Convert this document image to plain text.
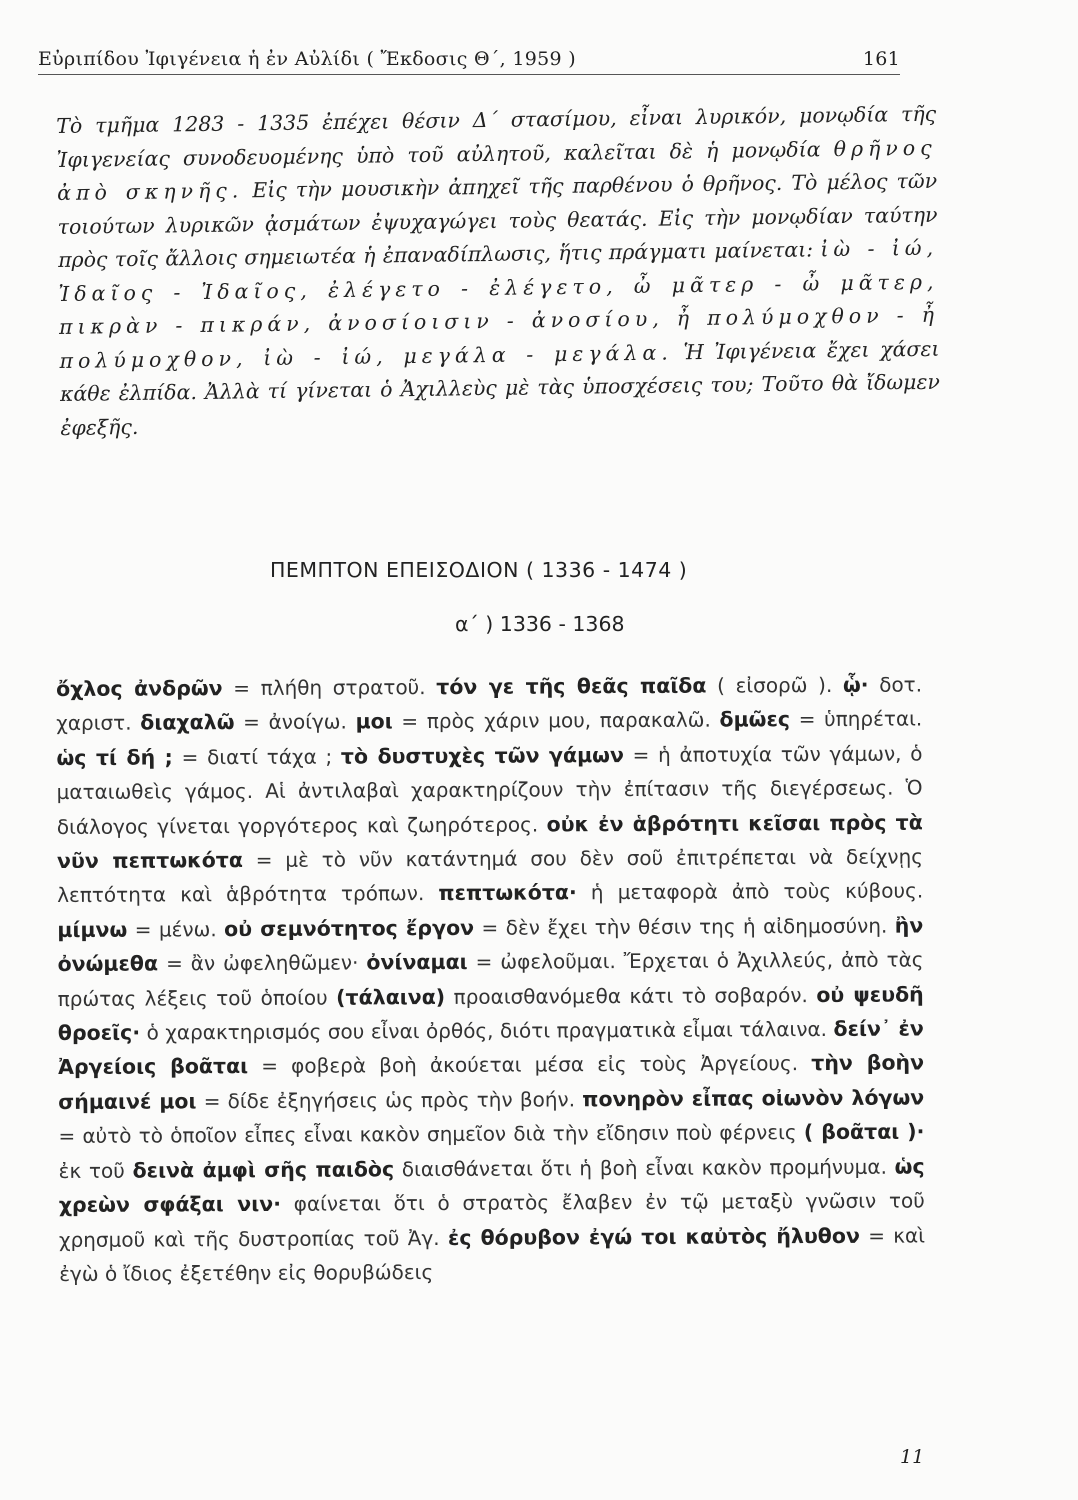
Εὐριπίδου Ἰφιγένεια ἡ ἐν Αὐλίδι ( Ἔκδοσις Θ΄, 1959 )	161

Τὸ τμῆμα 1283 - 1335 ἐπέχει θέσιν Δ΄ στασίμου, εἶναι λυρικόν, μονῳδία τῆς Ἰφιγενείας συνοδευομένης ὑπὸ τοῦ αὐλητοῦ, καλεῖται δὲ ἡ μονῳδία θρῆνος ἀπὸ σκηνῆς. Εἰς τὴν μουσικὴν ἀπηχεῖ τῆς παρθένου ὁ θρῆνος. Τὸ μέλος τῶν τοιούτων λυρικῶν ᾀσμάτων ἐψυχαγώγει τοὺς θεατάς. Εἰς τὴν μονῳδίαν ταύτην πρὸς τοῖς ἄλλοις σημειωτέα ἡ ἐπαναδίπλωσις, ἥτις πράγματι μαίνεται: ἰὼ - ἰώ, Ἰδαῖος - Ἰδαῖος, ἐλέγετο - ἐλέγετο, ὦ μᾶτερ - ὦ μᾶτερ, πικρὰν - πικράν, ἀνοσίοισιν - ἀνοσίου, ἦ πολύμοχθον - ἦ πολύμοχθον, ἰὼ - ἰώ, μεγάλα - μεγάλα. Ἡ Ἰφιγένεια ἔχει χάσει κάθε ἐλπίδα. Ἀλλὰ τί γίνεται ὁ Ἀχιλλεὺς μὲ τὰς ὑποσχέσεις του; Τοῦτο θὰ ἴδωμεν ἐφεξῆς.

ΠΕΜΠΤΟΝ ΕΠΕΙΣΟΔΙΟΝ ( 1336 - 1474 )
α΄ ) 1336 - 1368

ὄχλος ἀνδρῶν = πλήθη στρατοῦ. τόν γε τῆς θεᾶς παῖδα ( εἰσορῶ ). ᾧ· δοτ. χαριστ. διαχαλῶ = ἀνοίγω. μοι = πρὸς χάριν μου, παρακαλῶ. δμῶες = ὑπηρέται. ὡς τί δή ; = διατί τάχα ; τὸ δυστυχὲς τῶν γάμων = ἡ ἀποτυχία τῶν γάμων, ὁ ματαιωθεὶς γάμος. Αἱ ἀντιλαβαὶ χαρακτηρίζουν τὴν ἐπίτασιν τῆς διεγέρσεως. Ὁ διάλογος γίνεται γοργότερος καὶ ζωηρότερος. οὐκ ἐν ἁβρότητι κεῖσαι πρὸς τὰ νῦν πεπτωκότα = μὲ τὸ νῦν κατάντημά σου δὲν σοῦ ἐπιτρέπεται νὰ δείχνῃς λεπτότητα καὶ ἁβρότητα τρόπων. πεπτωκότα· ἡ μεταφορὰ ἀπὸ τοὺς κύβους. μίμνω = μένω. οὐ σεμνότητος ἔργον = δὲν ἔχει τὴν θέσιν της ἡ αἰδημοσύνη. ἢν ὀνώμεθα = ἂν ὠφεληθῶμεν· ὀνίναμαι = ὠφελοῦμαι. Ἔρχεται ὁ Ἀχιλλεύς, ἀπὸ τὰς πρώτας λέξεις τοῦ ὁποίου (τάλαινα) προαισθανόμεθα κάτι τὸ σοβαρόν. οὐ ψευδῆ θροεῖς· ὁ χαρακτηρισμός σου εἶναι ὀρθός, διότι πραγματικὰ εἶμαι τάλαινα. δείν᾽ ἐν Ἀργείοις βοᾶται = φοβερὰ βοὴ ἀκούεται μέσα εἰς τοὺς Ἀργείους. τὴν βοὴν σήμαινέ μοι = δίδε ἐξηγήσεις ὡς πρὸς τὴν βοήν. πονηρὸν εἶπας οἰωνὸν λόγων = αὐτὸ τὸ ὁποῖον εἶπες εἶναι κακὸν σημεῖον διὰ τὴν εἴδησιν ποὺ φέρνεις ( βοᾶται )· ἐκ τοῦ δεινὰ ἀμφὶ σῆς παιδὸς διαισθάνεται ὅτι ἡ βοὴ εἶναι κακὸν προμήνυμα. ὡς χρεὼν σφάξαι νιν· φαίνεται ὅτι ὁ στρατὸς ἔλαβεν ἐν τῷ μεταξὺ γνῶσιν τοῦ χρησμοῦ καὶ τῆς δυστροπίας τοῦ Ἀγ. ἐς θόρυβον ἐγώ τοι καὐτὸς ἤλυθον = καὶ ἐγὼ ὁ ἴδιος ἐξετέθην εἰς θορυβώδεις

11
